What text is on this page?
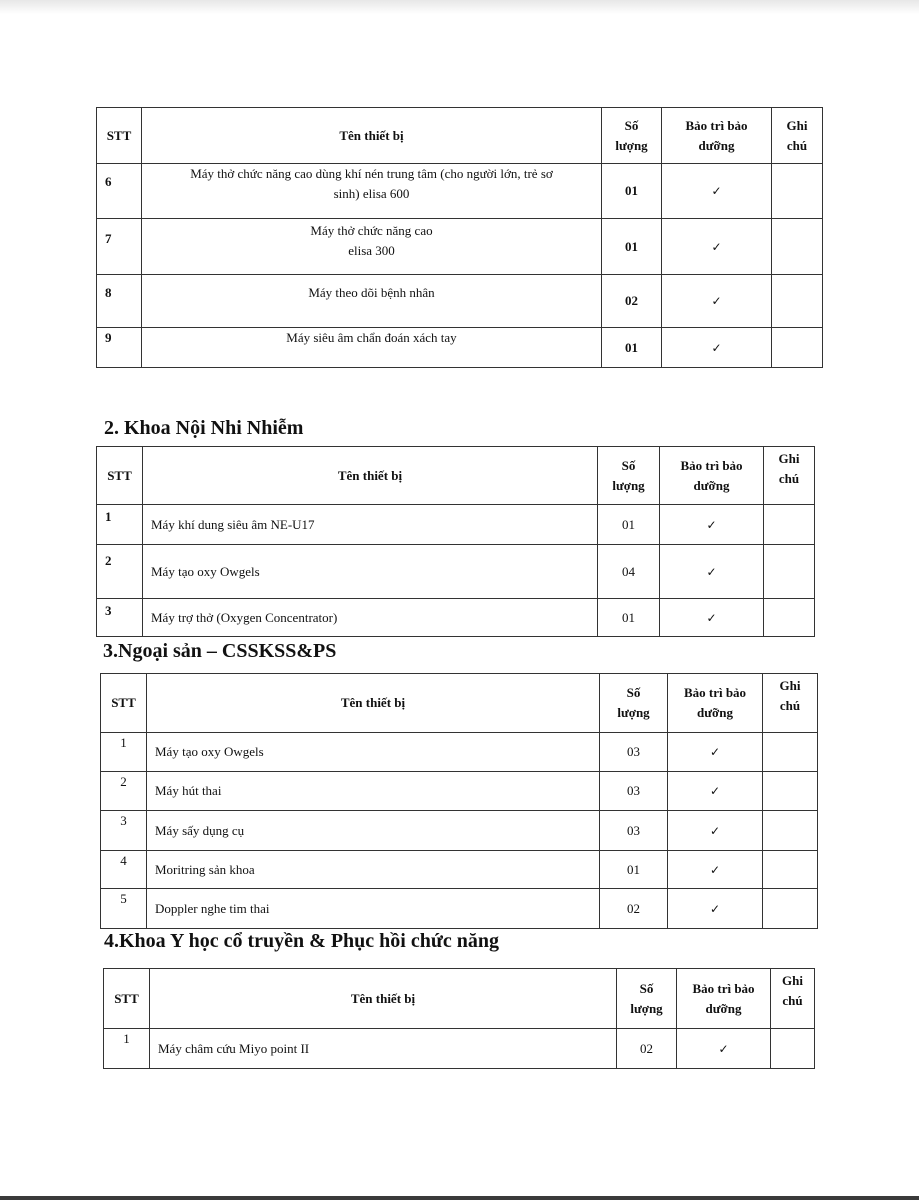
STT	Tên thiết bị	Số
lượng	Bảo trì bảo
dưỡng	Ghi
chú
6	Máy thở chức năng cao dùng khí nén trung tâm (cho người lớn, trẻ sơ
sinh) elisa 600	01	✓	
7	Máy thở chức năng cao
elisa 300	01	✓	
8	Máy theo dõi bệnh nhân	02	✓	
9	Máy siêu âm chẩn đoán xách tay	01	✓	
2. Khoa Nội Nhi Nhiễm
STT	Tên thiết bị	Số
lượng	Bảo trì bảo
dưỡng	Ghi
chú
1	Máy khí dung siêu âm NE-U17	01	✓	
2	Máy tạo oxy Owgels	04	✓	
3	Máy trợ thở (Oxygen Concentrator)	01	✓	
3.Ngoại sản – CSSKSS&PS
STT	Tên thiết bị	Số
lượng	Bảo trì bảo
dưỡng	Ghi
chú
1	Máy tạo oxy Owgels	03	✓	
2	Máy hút thai	03	✓	
3	Máy sấy dụng cụ	03	✓	
4	Moritring sản khoa	01	✓	
5	Doppler nghe tim thai	02	✓	
4.Khoa Y học cổ truyền & Phục hồi chức năng
STT	Tên thiết bị	Số
lượng	Bảo trì bảo
dưỡng	Ghi
chú
1	Máy châm cứu Miyo point II	02	✓	
